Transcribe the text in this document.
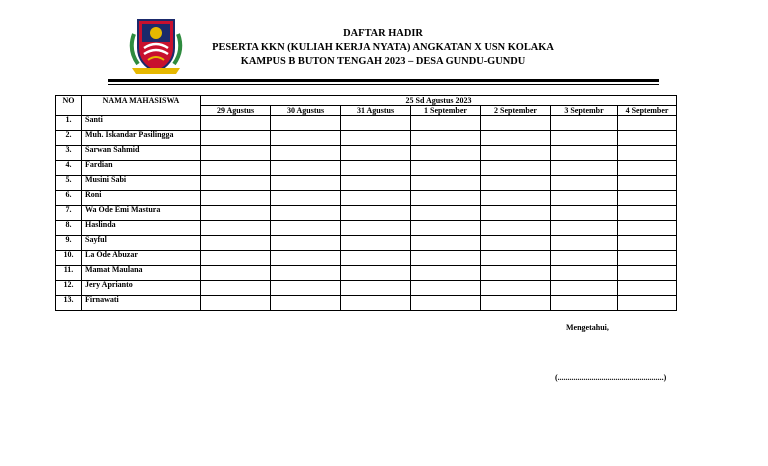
DAFTAR HADIR
PESERTA KKN (KULIAH KERJA NYATA) ANGKATAN X USN KOLAKA
KAMPUS B BUTON TENGAH 2023 – DESA GUNDU-GUNDU
NO	NAMA MAHASISWA	25 Sd Agustus 2023						
		29 Agustus	30 Agustus	31 Agustus	1 September	2 September	3 Septembr	4 September
1.	Santi							
2.	Muh. Iskandar Pasilingga							
3.	Sarwan Sahmid							
4.	Fardian							
5.	Musini Sabi							
6.	Roni							
7.	Wa Ode Emi Mastura							
8.	Haslinda							
9.	Sayful							
10.	La Ode Abuzar							
11.	Mamat Maulana							
12.	Jery Aprianto							
13.	Firnawati							
Mengetahui,
(.....................................................)
